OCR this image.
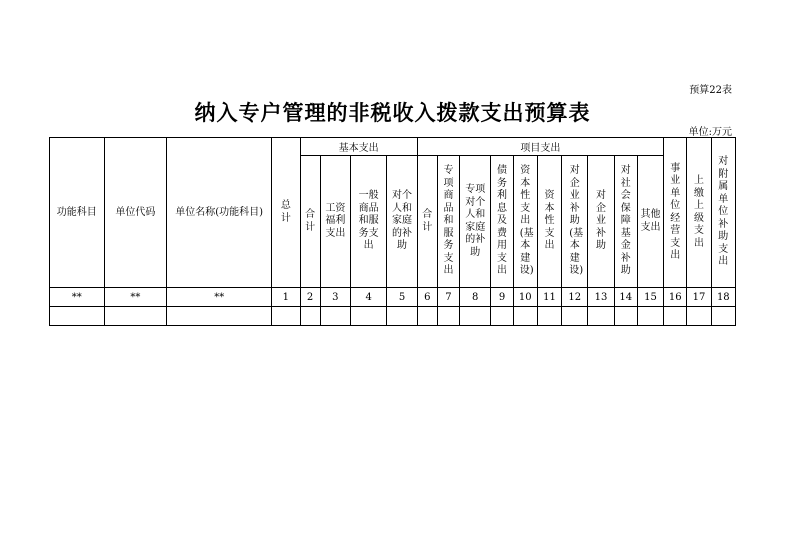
预算22表
纳入专户管理的非税收入拨款支出预算表
单位:万元
功能科目	单位代码	单位名称(功能科目)	总计	基本支出				项目支出										事业单位经营支出	上缴上级支出	对附属单位补助支出

				合计	工资福利支出	一般商品和服务支出	对个人和家庭的补助	合计	专项商品和服务支出	专项对个人和家庭的补助	债务利息及费用支出	资本性支出(基本建设)	资本性支出	对企业补助(基本建设)	对企业补助	对社会保障基金补助	其他支出			

**	**	**	1	2	3	4	5	6	7	8	9	10	11	12	13	14	15	16	17	18
